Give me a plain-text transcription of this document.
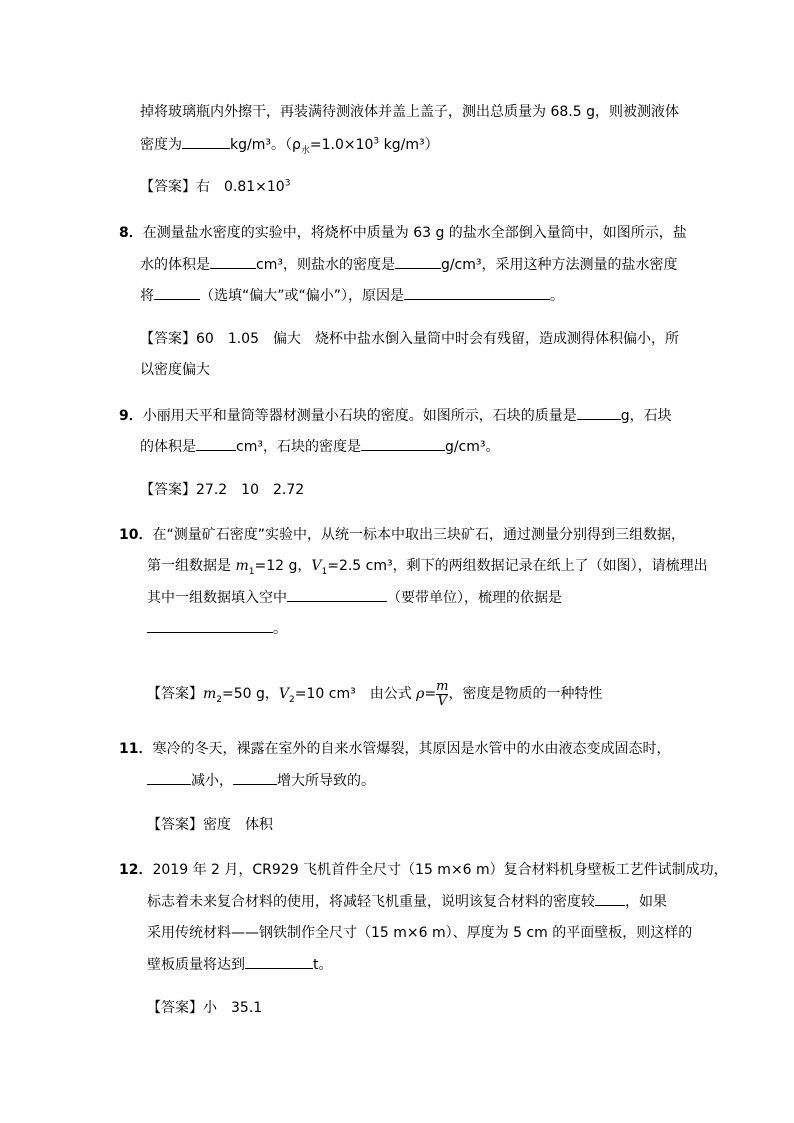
掉将玻璃瓶内外擦干，再装满待测液体并盖上盖子，测出总质量为 68.5 g，则被测液体
密度为	kg/m³。（$\rho_水=1.0\times 10^3$ kg/m³）
【答案】右　$0.81\times 10^3$
8．在测量盐水密度的实验中，将烧杯中质量为 63 g 的盐水全部倒入量筒中，如图所示，盐
水的体积是	cm³，则盐水的密度是	g/cm³，采用这种方法测量的盐水密度
将	（选填“偏大”或“偏小”），原因是	。
【答案】60　1.05　偏大　烧杯中盐水倒入量筒中时会有残留，造成测得体积偏小，所
以密度偏大
9．小丽用天平和量筒等器材测量小石块的密度。如图所示，石块的质量是	g，石块
的体积是	cm³，石块的密度是	g/cm³。
【答案】27.2　10　2.72
10．在“测量矿石密度”实验中，从统一标本中取出三块矿石，通过测量分别得到三组数据，
第一组数据是 $m_1=12$ g，$V_1=2.5$ cm³，剩下的两组数据记录在纸上了（如图），请梳理出
其中一组数据填入空中	（要带单位），梳理的依据是
。
【答案】$m_2=50$ g，$V_2=10$ cm³　由公式 $\rho= \frac{m}{V}$ ，密度是物质的一种特性
11．寒冷的冬天，裸露在室外的自来水管爆裂，其原因是水管中的水由液态变成固态时，
减小，	增大所导致的。
【答案】密度　体积
12．2019 年 2 月，CR929 飞机首件全尺寸（15 m×6 m）复合材料机身壁板工艺件试制成功，
标志着未来复合材料的使用，将减轻飞机重量，说明该复合材料的密度较 ，如果
采用传统材料——钢铁制作全尺寸（15 m×6 m）、厚度为 5 cm 的平面壁板，则这样的
壁板质量将达到	t。
【答案】小　35.1
